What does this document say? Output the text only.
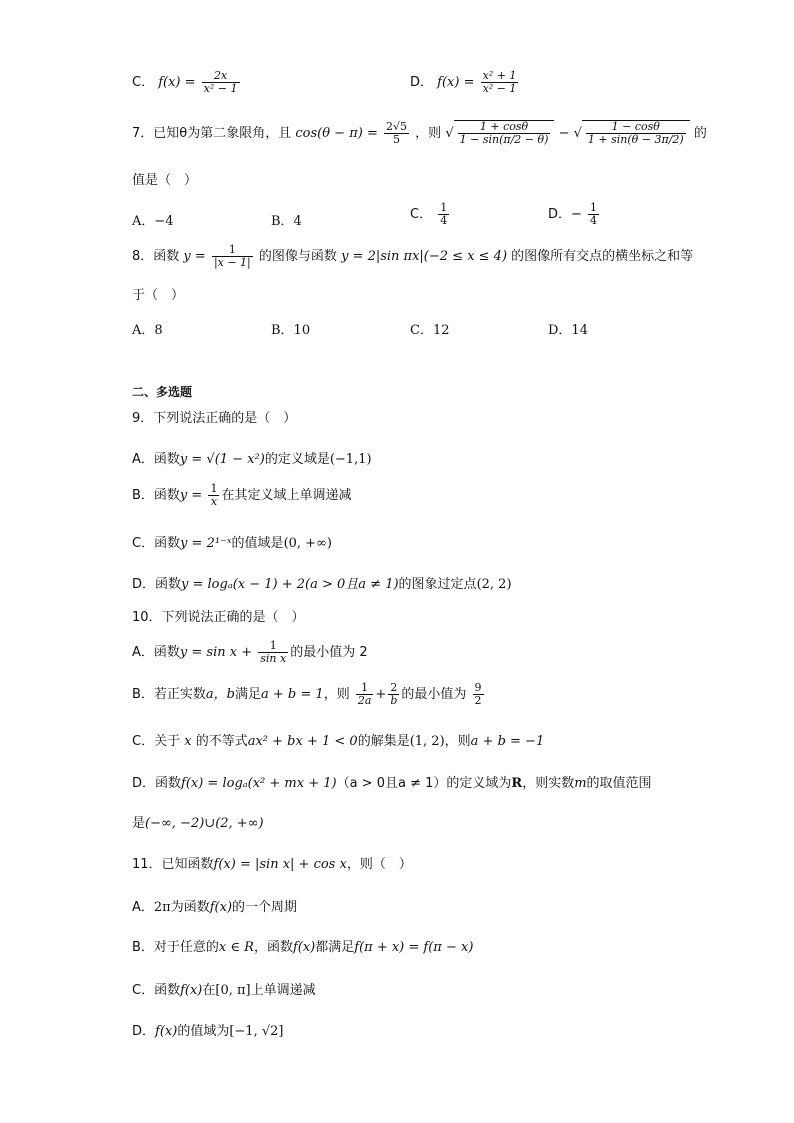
C． $f(x) = \frac{2x}{\text{x² − 1}}$	D． $f(x) = \frac{\text{x² + 1}}{\text{x² − 1}}$
7．已知θ为第二象限角，且 $\cos(\theta - \pi) = \frac{2√5}{5}$ ，则 √ $\frac{1 + \cos\theta}{1 - \sin(\pi/2 - \theta)}$ − √ $\frac{1 - \cos\theta}{1 + \sin(\theta - 3\pi/2)}$ 的
值是（　）
A．−4	B．4	C． $\frac{1}{4}$	D．− $\frac{1}{4}$
8．函数 $y = \frac{1}{|x - 1|}$ 的图像与函数 y = 2|sin πx|(−2 ≤ x ≤ 4) 的图像所有交点的横坐标之和等
于（　）
A．8	B．10	C．12	D．14
二、多选题
9．下列说法正确的是（　）
A．函数y = √(1 − x²)的定义域是(−1,1)
B．函数$y = \frac{1}{x}$ 在其定义域上单调递减
C．函数y = 2¹⁻ˣ的值域是(0, +∞)
D．函数y = logₐ(x − 1) + 2(a > 0且a ≠ 1)的图象过定点(2, 2)
10．下列说法正确的是（　）
A．函数$y = \sin x + \frac{1}{\text{sin x}}$ 的最小值为 2
B．若正实数a，b满足a + b = 1，则 $\frac{1}{2a} + \frac{2}{b}$ 的最小值为 $\frac{9}{2}$
C．关于 x 的不等式ax² + bx + 1 < 0的解集是(1, 2)，则a + b = −1
D．函数f(x) = logₐ(x² + mx + 1)（a > 0且a ≠ 1）的定义域为R，则实数m的取值范围
是(−∞, −2)∪(2, +∞)
11．已知函数f(x) = |sin x| + cos x，则（　）
A．2π为函数f(x)的一个周期
B．对于任意的x ∈ R，函数f(x)都满足f(π + x) = f(π − x)
C．函数f(x)在[0, π]上单调递减
D．f(x)的值域为[−1, √2]
